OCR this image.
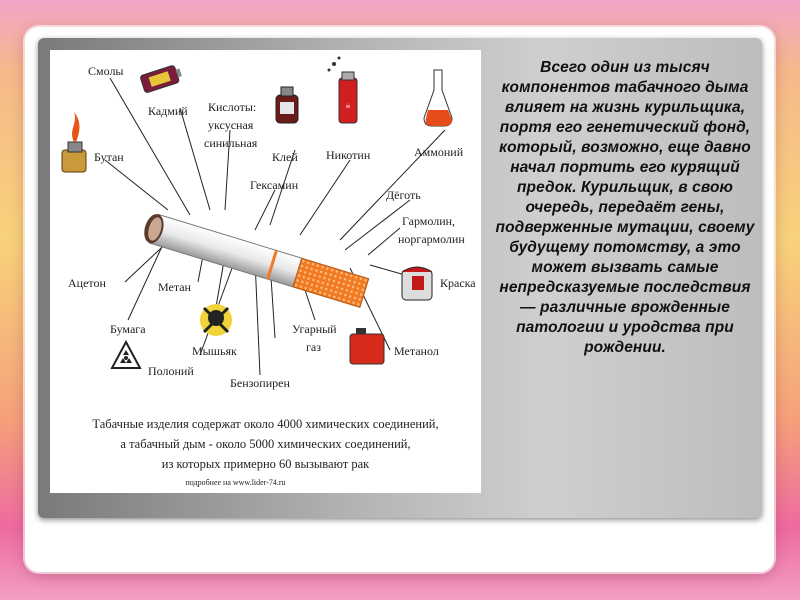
☠
Смолы
Кадмий Кислоты:
уксусная
синильная
Бутан	Клей Никотин	Аммоний
Гексамин
Дёготь
Гармолин,
норгармолин
Ацетон	Метан	Краска
Бумага
Мышьяк
Угарный
газ	Метанол
Полоний
Бензопирен
Табачные изделия содержат около 4000 химических соединений,
а табачный дым - около 5000 химических соединений,
из которых примерно 60 вызывают рак
подробнее на www.lider-74.ru
Всего один из тысяч компонентов табачного дыма влияет на жизнь курильщика, портя его генетический фонд, который, возможно, еще давно начал портить его курящий предок. Курильщик, в свою очередь, передаёт гены, подверженные мутации, своему будущему потомству, а это может вызвать самые непредсказуемые последствия — различные врожденные патологии и уродства при рождении.
